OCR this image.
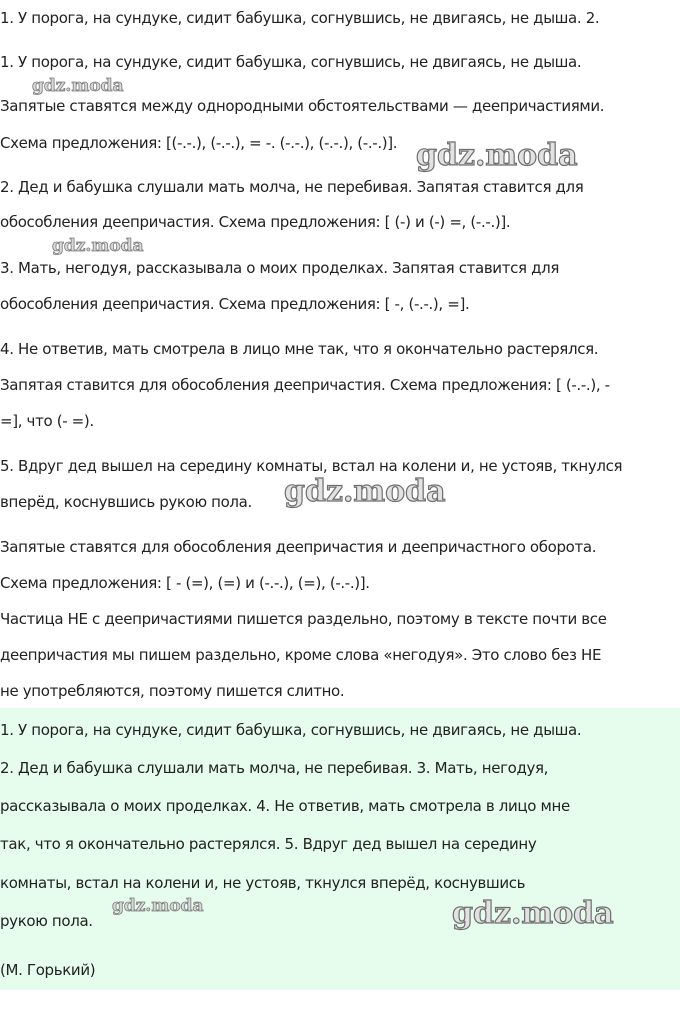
1. У порога, на сундуке, сидит бабушка, согнувшись, не двигаясь, не дыша. 2.
1. У порога, на сундуке, сидит бабушка, согнувшись, не двигаясь, не дыша.
Запятые ставятся между однородными обстоятельствами — деепричастиями.
Схема предложения: [(-.-.), (-.-.), = -. (-.-.), (-.-.), (-.-.)].
2. Дед и бабушка слушали мать молча, не перебивая. Запятая ставится для
обособления деепричастия. Схема предложения: [ (-) и (-) =, (-.-.)].
3. Мать, негодуя, рассказывала о моих проделках. Запятая ставится для
обособления деепричастия. Схема предложения: [ -, (-.-.), =].
4. Не ответив, мать смотрела в лицо мне так, что я окончательно растерялся.
Запятая ставится для обособления деепричастия. Схема предложения: [ (-.-.), -
=], что (- =).
5. Вдруг дед вышел на середину комнаты, встал на колени и, не устояв, ткнулся
вперёд, коснувшись рукою пола.
Запятые ставятся для обособления деепричастия и деепричастного оборота.
Схема предложения: [ - (=), (=) и (-.-.), (=), (-.-.)].
Частица НЕ с деепричастиями пишется раздельно, поэтому в тексте почти все
деепричастия мы пишем раздельно, кроме слова «негодуя». Это слово без НЕ
не употребляются, поэтому пишется слитно.
1. У порога, на сундуке, сидит бабушка, согнувшись, не двигаясь, не дыша.
2. Дед и бабушка слушали мать молча, не перебивая. 3. Мать, негодуя,
рассказывала о моих проделках. 4. Не ответив, мать смотрела в лицо мне
так, что я окончательно растерялся. 5. Вдруг дед вышел на середину
комнаты, встал на колени и, не устояв, ткнулся вперёд, коснувшись
рукою пола.
(М. Горький)
gdz.moda
gdz.moda
gdz.moda
gdz.moda
gdz.moda	gdz.moda
